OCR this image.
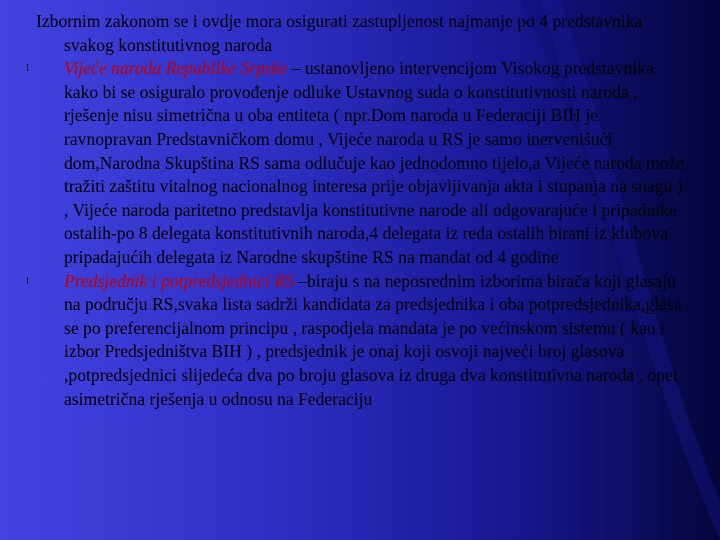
Izbornim zakonom se i ovdje mora osigurati zastupljenost najmanje po 4 predstavnika svakog konstitutivnog naroda

l	Vijeće naroda Republike Srpske – ustanovljeno intervencijom Visokog predstavnika kako bi se osiguralo provođenje odluke Ustavnog suda o konstitutivnosti naroda , rješenje nisu simetrična u oba entiteta ( npr.Dom naroda u Federaciji BIH je ravnopravan Predstavničkom domu , Vijeće naroda u RS je samo inervenišući dom,Narodna Skupština RS sama odlučuje kao jednodomno tijelo,a Vijeće naroda može tražiti zaštitu vitalnog nacionalnog interesa prije objavljivanja akta i stupanja na snagu ) , Vijeće naroda paritetno predstavlja konstitutivne narode ali odgovarajuće i pripadnike ostalih-po 8 delegata konstitutivnih naroda,4 delegata iz reda ostalih birani iz klubova pripadajućih delegata iz Narodne skupštine RS na mandat od 4 godine

l	Predsjednik i potpredsjednici RS –biraju s na neposrednim izborima birača koji glasaju na području RS,svaka lista sadrži kandidata za predsjednika i oba potpredsjednika,glasa se po preferencijalnom principu , raspodjela mandata je po većinskom sistemu ( kao i izbor Predsjedništva BIH ) , predsjednik je onaj koji osvoji najveći broj glasova ,potpredsjednici slijedeća dva po broju glasova iz druga dva konstitutivna naroda , opet asimetrična rješenja u odnosu na Federaciju
